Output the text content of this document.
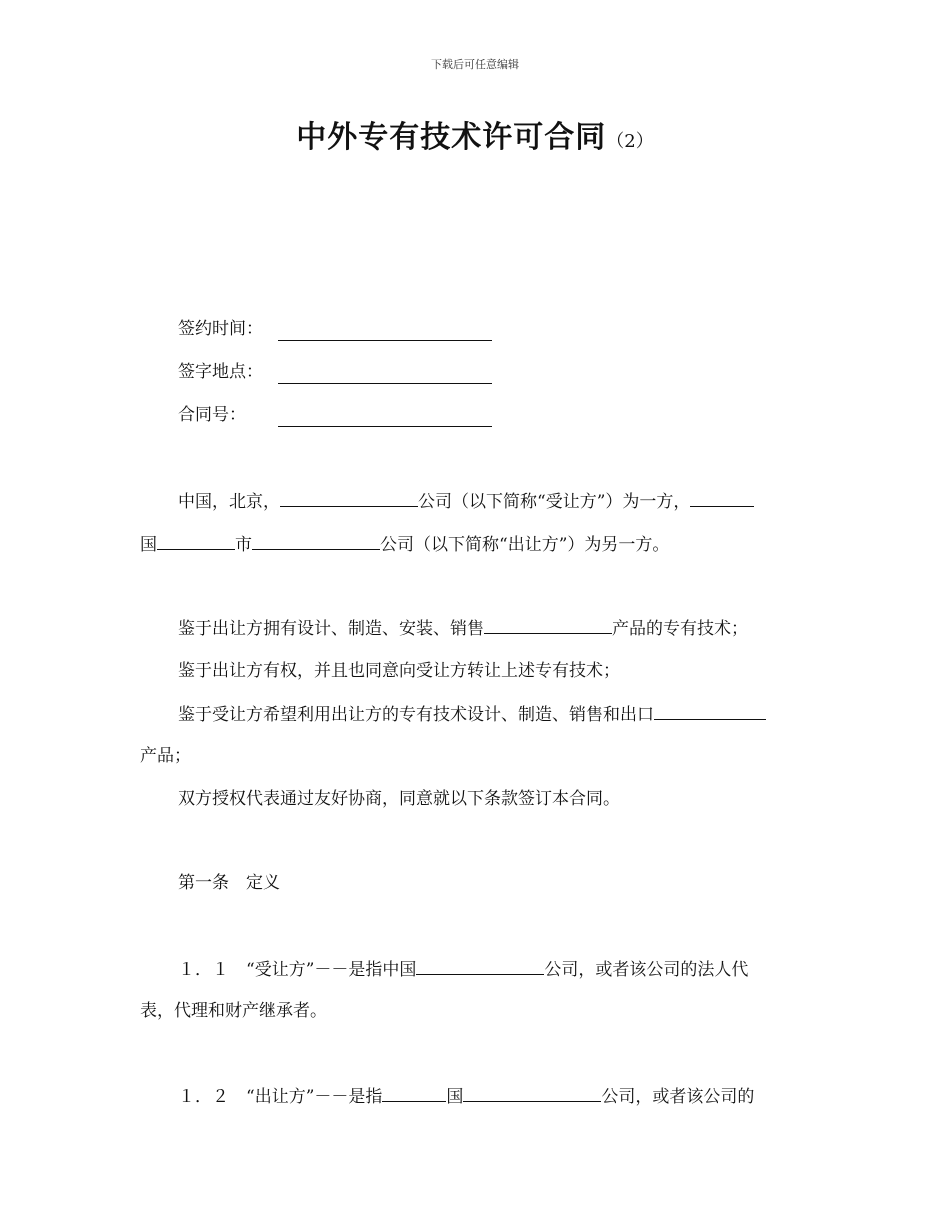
下载后可任意编辑
中外专有技术许可合同（2）
签约时间：
签字地点：
合同号：
中国，北京，	公司（以下简称“受让方”）为一方，
国	市	公司（以下简称“出让方”）为另一方。
鉴于出让方拥有设计、制造、安装、销售	产品的专有技术；
鉴于出让方有权，并且也同意向受让方转让上述专有技术；
鉴于受让方希望利用出让方的专有技术设计、制造、销售和出口
产品；
双方授权代表通过友好协商，同意就以下条款签订本合同。
第一条　定义
１．１　“受让方”－－是指中国	公司，或者该公司的法人代
表，代理和财产继承者。
１．２　“出让方”－－是指	国	公司，或者该公司的
